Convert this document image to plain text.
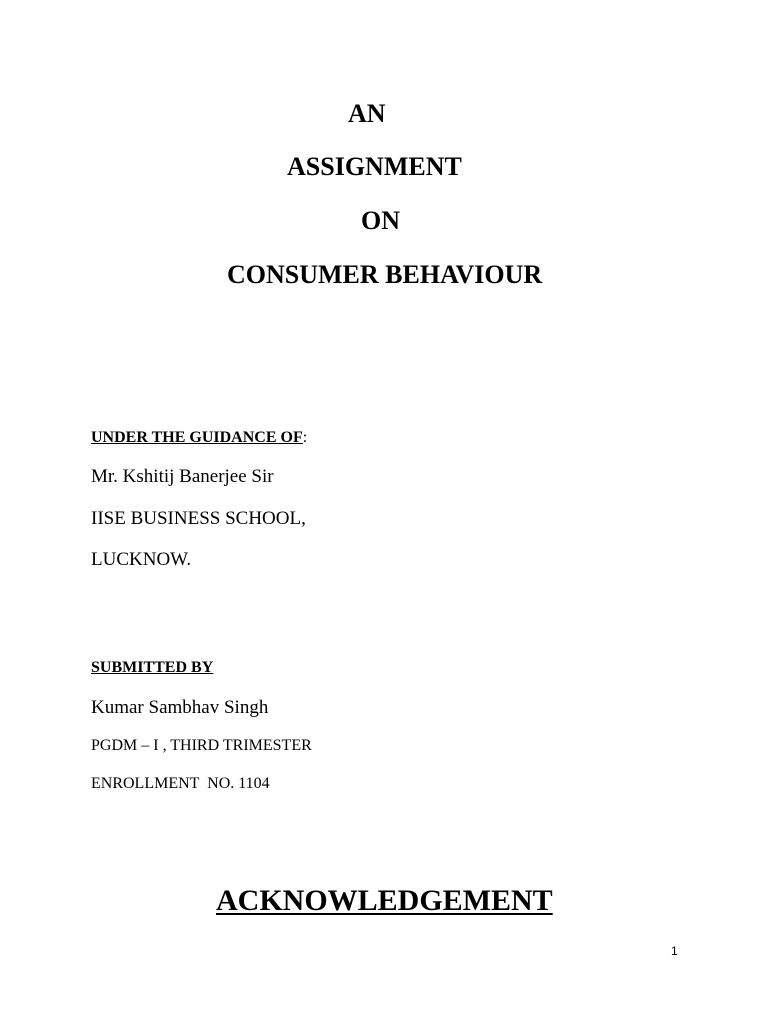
AN
ASSIGNMENT
ON
CONSUMER BEHAVIOUR
UNDER THE GUIDANCE OF:
Mr. Kshitij Banerjee Sir
IISE BUSINESS SCHOOL,
LUCKNOW.
SUBMITTED BY
Kumar Sambhav Singh
PGDM – I , THIRD TRIMESTER
ENROLLMENT  NO. 1104
ACKNOWLEDGEMENT
1
